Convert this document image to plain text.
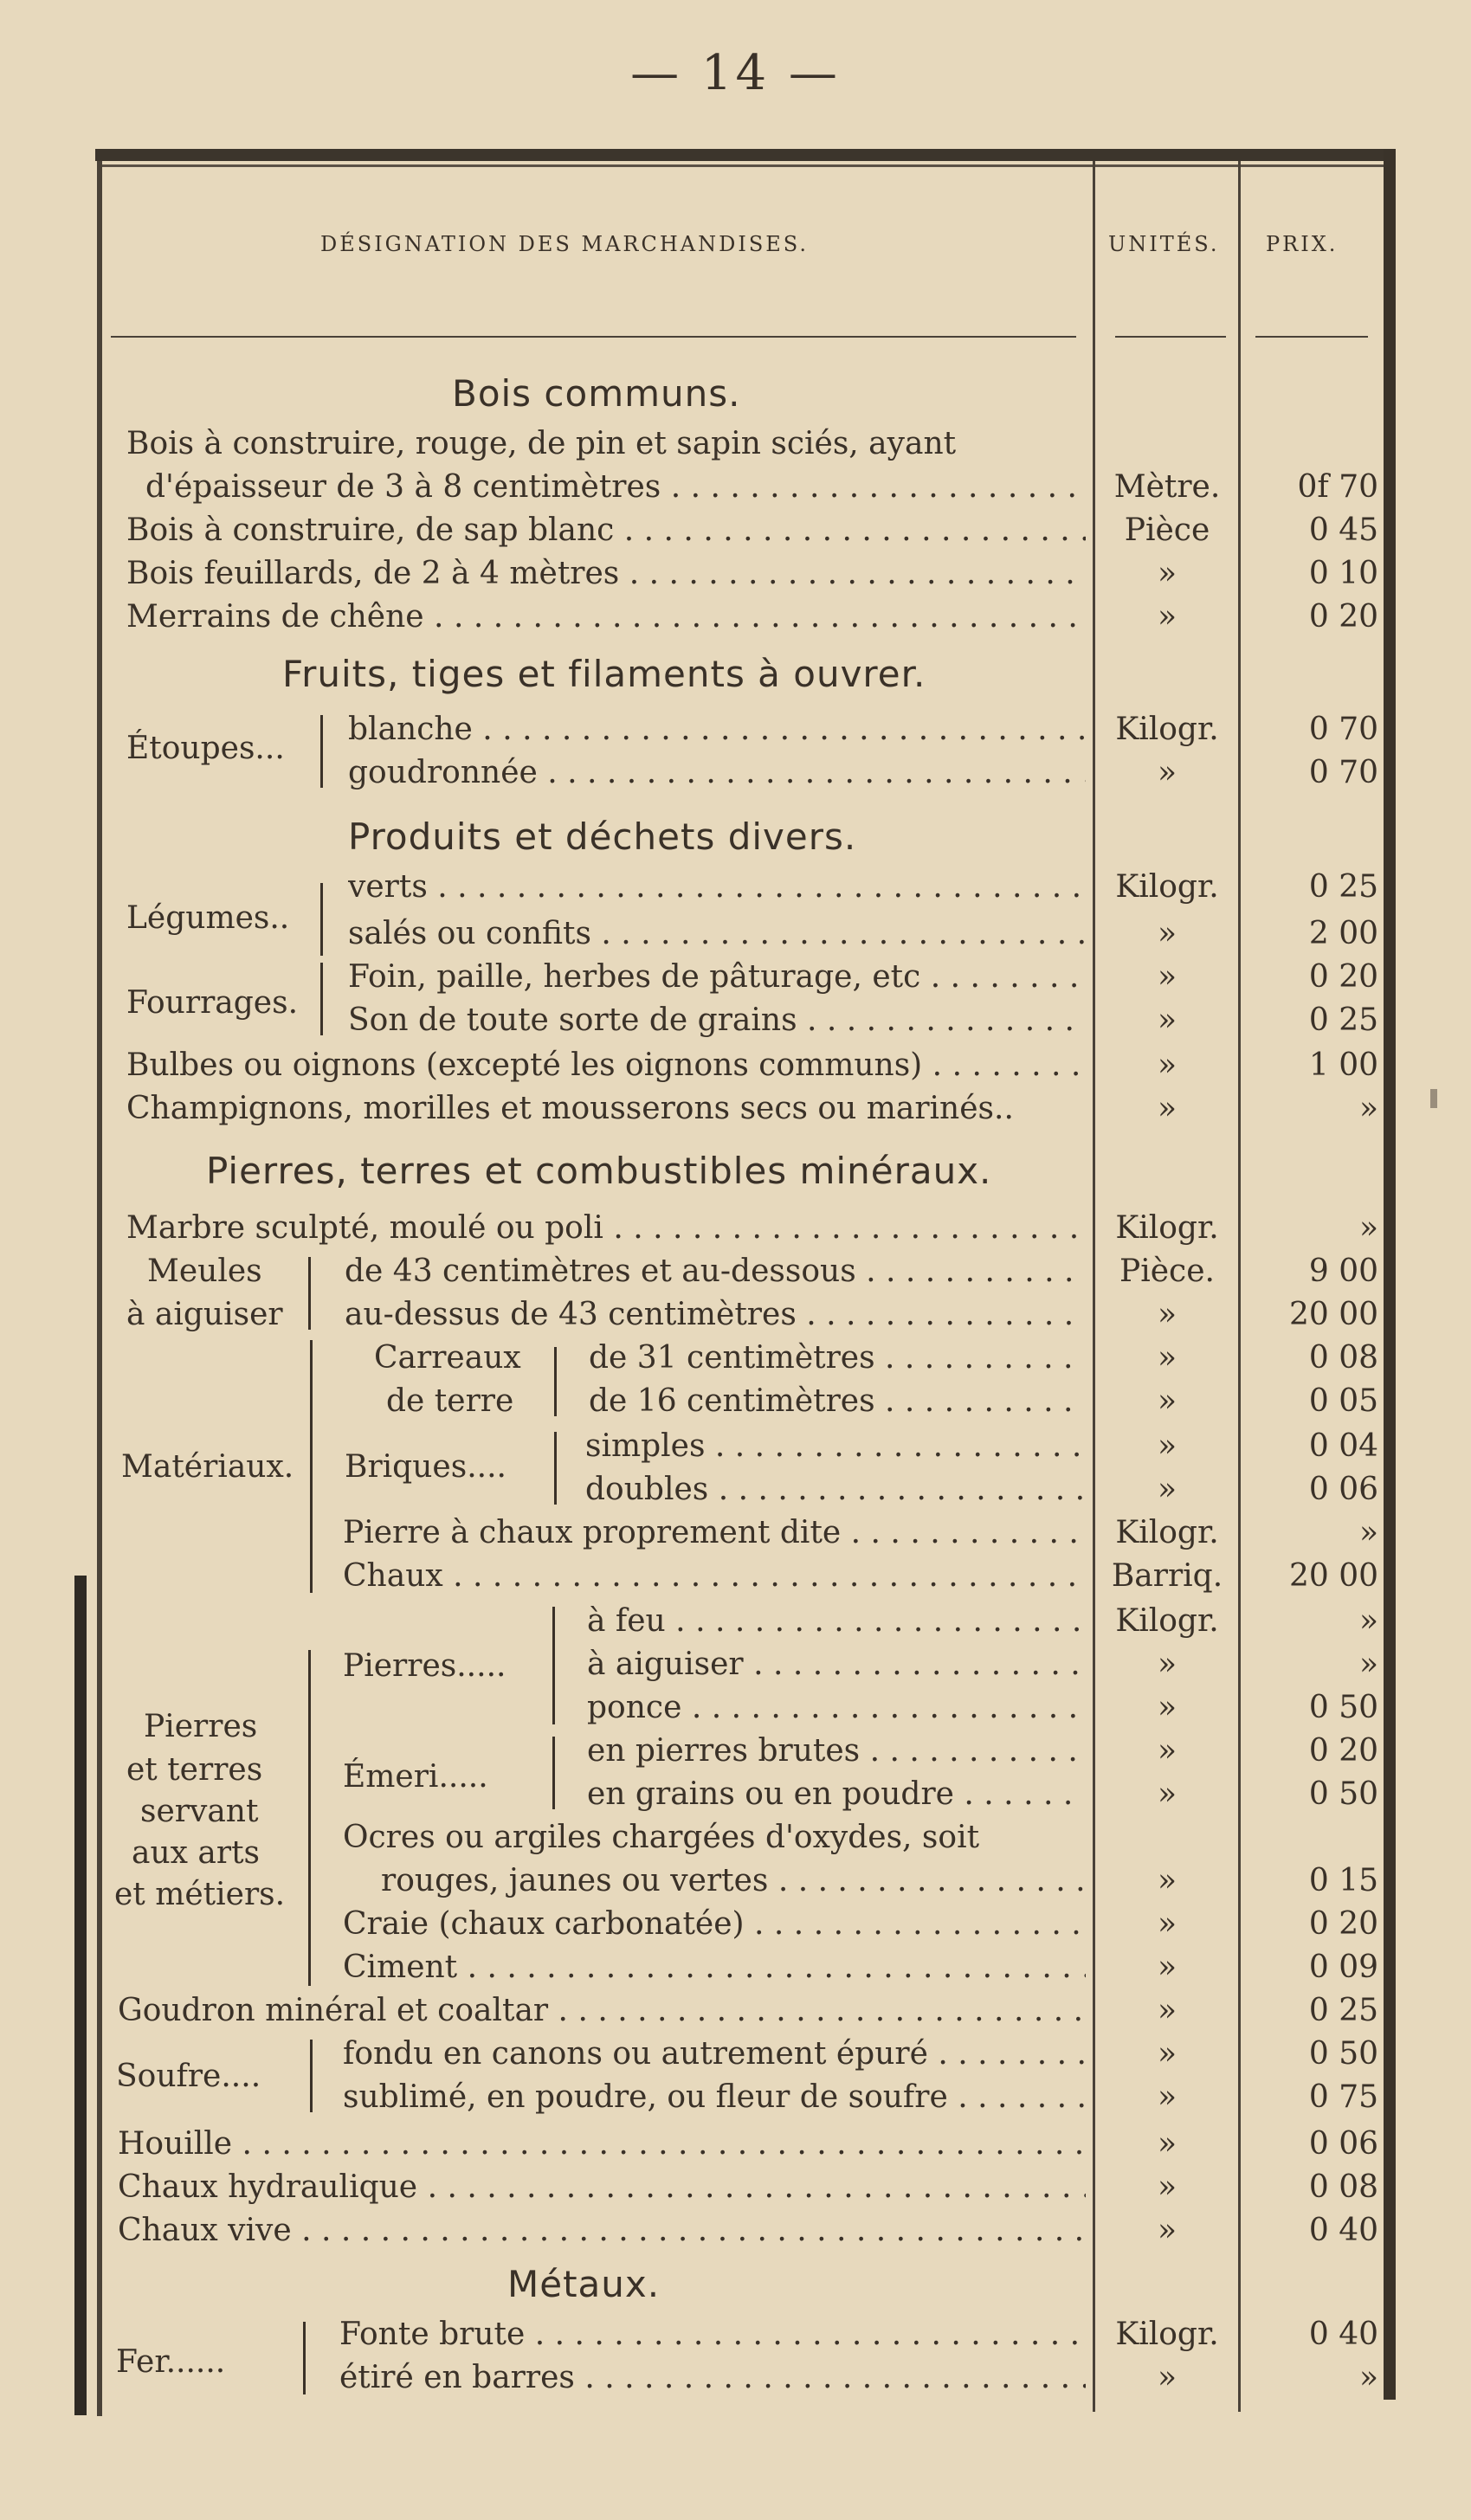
— 14 —
DÉSIGNATION DES MARCHANDISES.	UNITÉS. PRIX.
Bois communs.
Bois à construire, rouge, de pin et sapin sciés, ayant
d'épaisseur de 3 à 8 centimètres . . .	Mètre.	0f 70
Bois à construire, de sap blanc . . .	Pièce	0 45
Bois feuillards, de 2 à 4 mètres . . .	»	0 10
Merrains de chêne . . .	»	0 20
Fruits, tiges et filaments à ouvrer.
Étoupes...
blanche . . .	Kilogr.	0 70
goudronnée . . .	»	0 70
Produits et déchets divers.
Légumes..
verts . . .	Kilogr.	0 25
salés ou confits . . .	»	2 00
Fourrages.
Foin, paille, herbes de pâturage, etc . . .	»	0 20
Son de toute sorte de grains . . .	»	0 25
Bulbes ou oignons (excepté les oignons communs) . . .	»	1 00
Champignons, morilles et mousserons secs ou marinés..	»	»
Pierres, terres et combustibles minéraux.
Marbre sculpté, moulé ou poli . . .	Kilogr.	»
Meules
à aiguiser
de 43 centimètres et au-dessous . . .	Pièce.	9 00
au-dessus de 43 centimètres . . .	»	20 00
Matériaux.
Carreaux
de terre
de 31 centimètres . . .	»	0 08
de 16 centimètres . . .	»	0 05
Briques....
simples . . .	»	0 04
doubles . . .	»	0 06
Pierre à chaux proprement dite . . .	Kilogr.	»
Chaux . . .	Barriq.	20 00
Pierres
et terres
servant
aux arts
et métiers.
Pierres.....
à feu . . .	Kilogr.	»
à aiguiser . . .	»	»
ponce . . .	»	0 50
Émeri.....
en pierres brutes . . .	»	0 20
en grains ou en poudre . . .	»	0 50
Ocres ou argiles chargées d'oxydes, soit
rouges, jaunes ou vertes . . .	»	0 15
Craie (chaux carbonatée) . . .	»	0 20
Ciment . . .	»	0 09
Goudron minéral et coaltar . . .	»	0 25
Soufre....
fondu en canons ou autrement épuré . . .	»	0 50
sublimé, en poudre, ou fleur de soufre . . .	»	0 75
Houille . . .	»	0 06
Chaux hydraulique . . .	»	0 08
Chaux vive . . .	»	0 40
Métaux.
Fer......
Fonte brute . . .	Kilogr.	0 40
étiré en barres . . .	»	»
